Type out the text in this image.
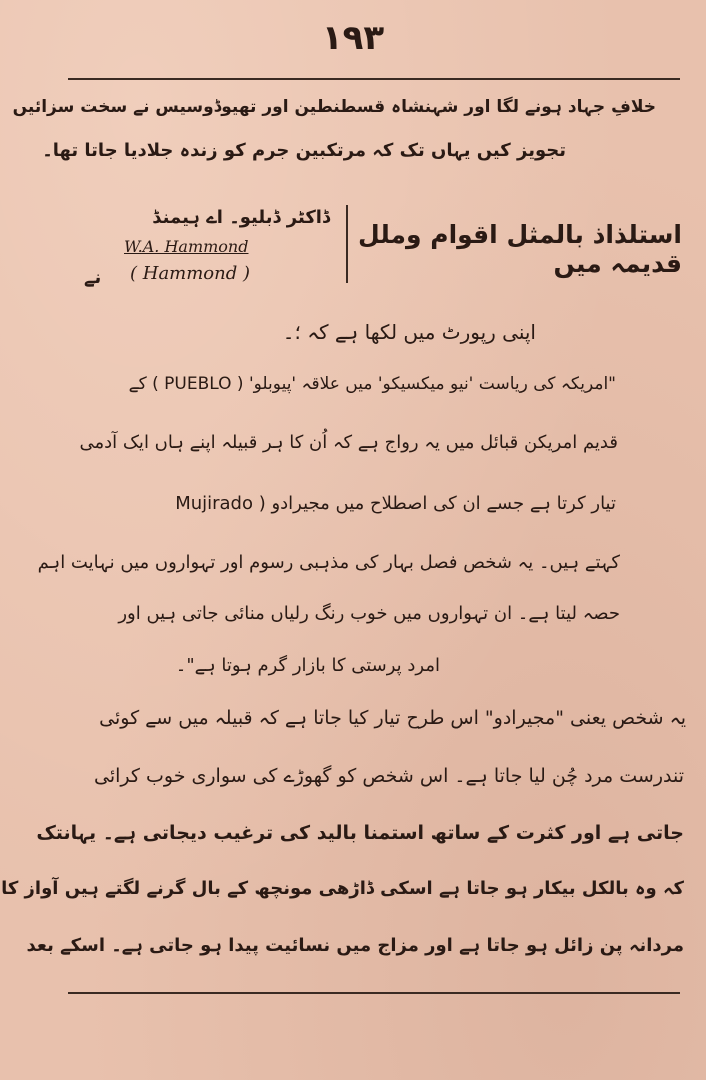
۱۹۳
خلافِ جہاد ہونے لگا اور شہنشاہ قسطنطین اور تھیوڈوسیس نے سخت سزائیں
تجویز کیں یہاں تک کہ مرتکبین جرم کو زندہ جلادیا جاتا تھا۔
استلذاذ بالمثل اقوام وملل قدیمہ میں
ڈاکٹر ڈبلیو۔ اے ہیمنڈ
W.A. Hammond
( Hammond )
نے
اپنی رپورٹ میں لکھا ہے کہ ؛۔
"امریکہ کی ریاست 'نیو میکسیکو' میں علاقہ 'پیوبلو' ( PUEBLO ) کے
قدیم امریکن قبائل میں یہ رواج ہے کہ اُن کا ہر قبیلہ اپنے ہاں ایک آدمی
تیار کرتا ہے جسے ان کی اصطلاح میں مجیرادو ( Mujirado
کہتے ہیں۔ یہ شخص فصل بہار کی مذہبی رسوم اور تہواروں میں نہایت اہم
حصہ لیتا ہے۔ ان تہواروں میں خوب رنگ رلیاں منائی جاتی ہیں اور
امرد پرستی کا بازار گرم ہوتا ہے"۔
یہ شخص یعنی "مجیرادو" اس طرح تیار کیا جاتا ہے کہ قبیلہ میں سے کوئی
تندرست مرد چُن لیا جاتا ہے۔ اس شخص کو گھوڑے کی سواری خوب کرائی
جاتی ہے اور کثرت کے ساتھ استمنا بالید کی ترغیب دیجاتی ہے۔ یہانتک
کہ وہ بالکل بیکار ہو جاتا ہے اسکی ڈاڑھی مونچھ کے بال گرنے لگتے ہیں آواز کا
مردانہ پن زائل ہو جاتا ہے اور مزاج میں نسائیت پیدا ہو جاتی ہے۔ اسکے بعد
